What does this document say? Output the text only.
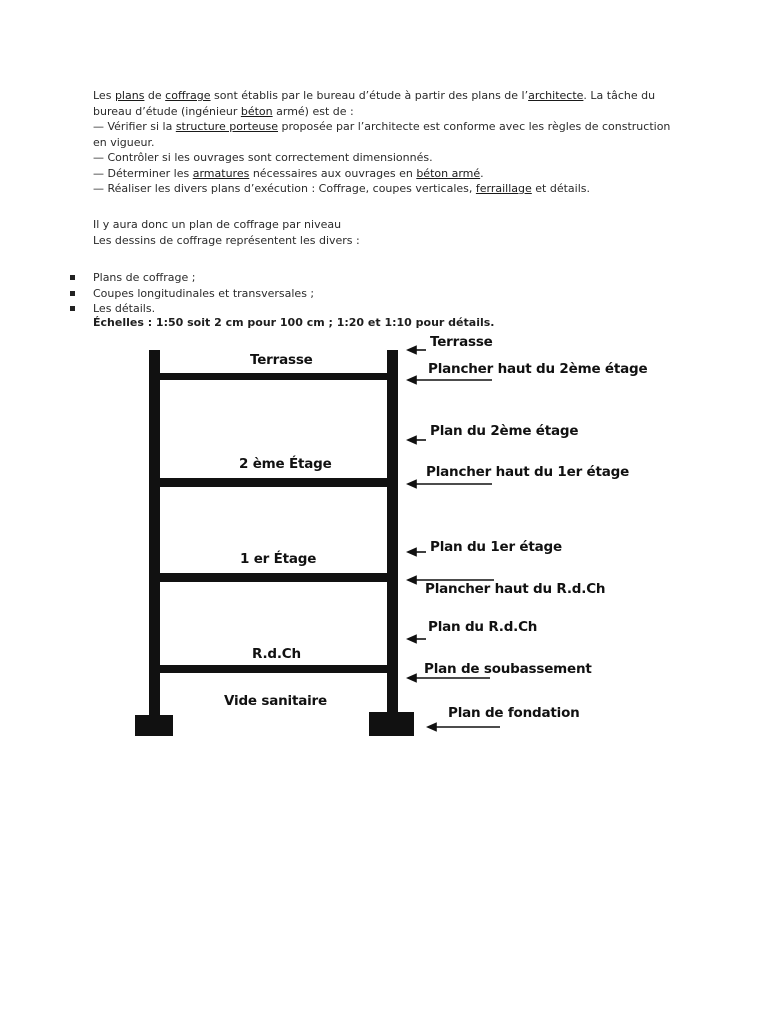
Les plans de coffrage sont établis par le bureau d’étude à partir des plans de l’architecte. La tâche du bureau d’étude (ingénieur béton armé) est de :

— Vérifier si la structure porteuse proposée par l’architecte est conforme avec les règles de construction en vigueur.

— Contrôler si les ouvrages sont correctement dimensionnés.

— Déterminer les armatures nécessaires aux ouvrages en béton armé.

— Réaliser les divers plans d’exécution : Coffrage, coupes verticales, ferraillage et détails.

Il y aura donc un plan de coffrage par niveau

Les dessins de coffrage représentent les divers :

Plans de coffrage ;
Coupes longitudinales et transversales ;
Les détails.
Échelles : 1:50 soit 2 cm pour 100 cm ; 1:20 et 1:10 pour détails.
Terrasse
2 ème Étage
1 er Étage
R.d.Ch
Vide sanitaire
Terrasse
Plancher haut du 2ème étage
Plan du 2ème étage
Plancher haut du 1er étage
Plan du 1er étage
Plancher haut du R.d.Ch
Plan du R.d.Ch
Plan de soubassement
Plan de fondation
